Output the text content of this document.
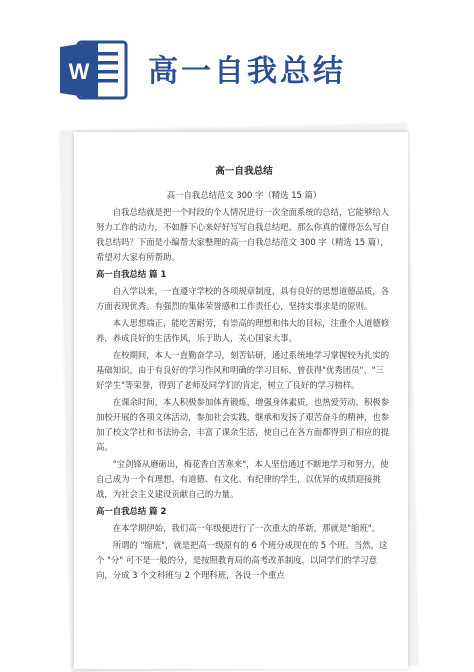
W 高一自我总结
高一自我总结

高一自我总结范文 300 字（精选 15 篇）

自我总结就是把一个时段的个人情况进行一次全面系统的总结，它能够给人努力工作的动力，不如静下心来好好写写自我总结吧。那么你真的懂得怎么写自我总结吗？下面是小编帮大家整理的高一自我总结范文 300 字（精选 15 篇），希望对大家有所帮助。

高一自我总结 篇 1

自入学以来，一直遵守学校的各项规章制度，具有良好的思想道德品质，各方面表现优秀。有强烈的集体荣誉感和工作责任心，坚持实事求是的原则。

本人思想端正，能吃苦耐劳，有崇高的理想和伟大的目标，注重个人道德修养，养成良好的生活作风，乐于助人，关心国家大事。

在校期间，本人一直勤奋学习，刻苦钻研，通过系统地学习掌握较为扎实的基础知识。由于有良好的学习作风和明确的学习目标，曾获得"优秀团员"、"三好学生"等荣誉，得到了老师及同学们的肯定，树立了良好的学习榜样。

在课余时间，本人积极参加体育锻炼，增强身体素质，也热爱劳动，积极参加校开展的各项文体活动，参加社会实践，继承和发扬了艰苦奋斗的精神，也参加了校文学社和书法协会，丰富了课余生活，使自己在各方面都得到了相应的提高。

"宝剑锋从磨砺出，梅花香自苦寒来"，本人坚信通过不断地学习和努力，使自己成为一个有理想、有道德、有文化、有纪律的学生，以优异的成绩迎接挑战，为社会主义建设贡献自己的力量。

高一自我总结 篇 2

在本学期伊始，我们高一年级便进行了一次重大的革新，那就是"缩班"。

所谓的 "缩班"，就是把高一级原有的 6 个班分成现在的 5 个班。当然，这个 "分" 可不是一般的分，是按照教育局的高考改革制度，以同学们的学习意向，分成 3 个文科班与 2 个理科班，各设一个重点
